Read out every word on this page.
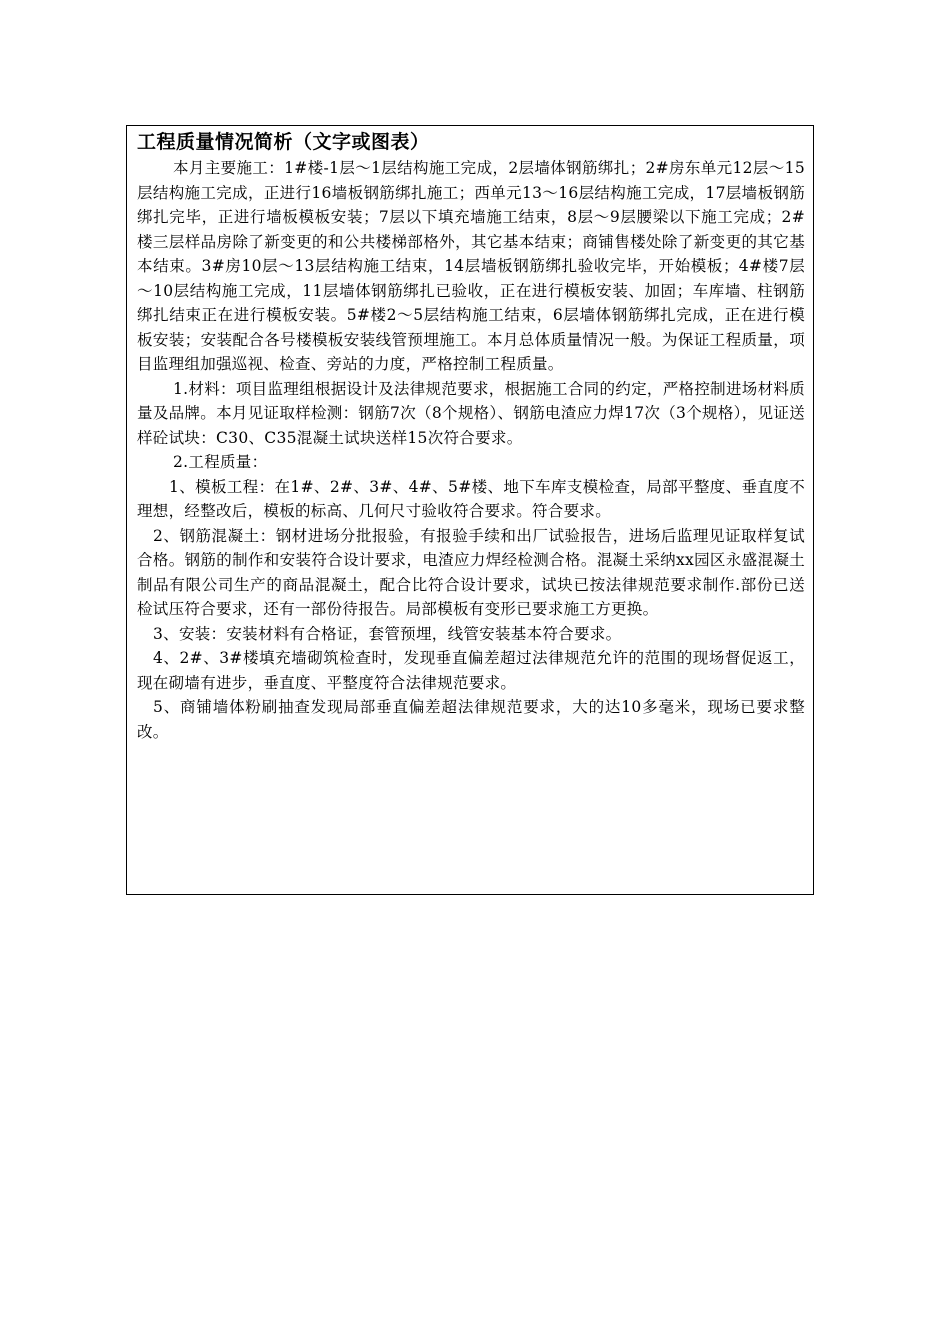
工程质量情况简析（文字或图表）

本月主要施工：1#楼-1层～1层结构施工完成，2层墙体钢筋绑扎；2#房东单元12层～15层结构施工完成，正进行16墙板钢筋绑扎施工；西单元13～16层结构施工完成，17层墙板钢筋绑扎完毕，正进行墙板模板安装；7层以下填充墙施工结束，8层～9层腰梁以下施工完成；2#楼三层样品房除了新变更的和公共楼梯部格外，其它基本结束；商铺售楼处除了新变更的其它基本结束。3#房10层～13层结构施工结束，14层墙板钢筋绑扎验收完毕，开始模板；4#楼7层～10层结构施工完成，11层墙体钢筋绑扎已验收，正在进行模板安装、加固；车库墙、柱钢筋绑扎结束正在进行模板安装。5#楼2～5层结构施工结束，6层墙体钢筋绑扎完成，正在进行模板安装；安装配合各号楼模板安装线管预埋施工。本月总体质量情况一般。为保证工程质量，项目监理组加强巡视、检查、旁站的力度，严格控制工程质量。

1.材料：项目监理组根据设计及法律规范要求，根据施工合同的约定，严格控制进场材料质量及品牌。本月见证取样检测：钢筋7次（8个规格）、钢筋电渣应力焊17次（3个规格），见证送样砼试块：C30、C35混凝土试块送样15次符合要求。

2.工程质量：

1、模板工程：在1#、2#、3#、4#、5#楼、地下车库支模检查，局部平整度、垂直度不理想，经整改后，模板的标高、几何尺寸验收符合要求。符合要求。

2、钢筋混凝土：钢材进场分批报验，有报验手续和出厂试验报告，进场后监理见证取样复试合格。钢筋的制作和安装符合设计要求，电渣应力焊经检测合格。混凝土采纳xx园区永盛混凝土制品有限公司生产的商品混凝土，配合比符合设计要求，试块已按法律规范要求制作.部份已送检试压符合要求，还有一部份待报告。局部模板有变形已要求施工方更换。

3、安装：安装材料有合格证，套管预埋，线管安装基本符合要求。

4、2#、3#楼填充墙砌筑检查时，发现垂直偏差超过法律规范允许的范围的现场督促返工，现在砌墙有进步，垂直度、平整度符合法律规范要求。

5、商铺墙体粉刷抽查发现局部垂直偏差超法律规范要求，大的达10多毫米，现场已要求整改。
